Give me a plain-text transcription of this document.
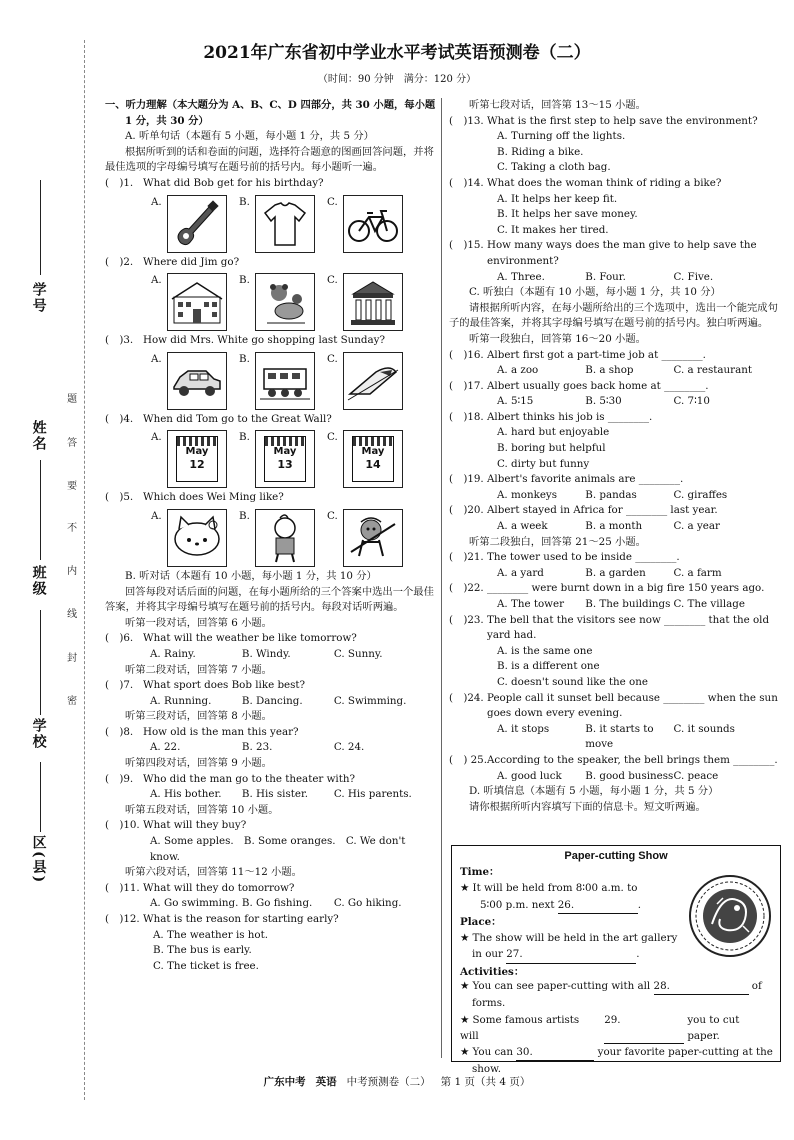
学号
姓名
班级
学校
区(县)
题
答
要
不
内
线
封
密
2021年广东省初中学业水平考试英语预测卷（二）
（时间：90 分钟　满分：120 分）

一、听力理解（本大题分为 A、B、C、D 四部分，共 30 小题，每小题 1 分，共 30 分）

A. 听单句话（本题有 5 小题，每小题 1 分，共 5 分）

根据所听到的话和卷面的问题，选择符合题意的图画回答问题，并将最佳选项的字母编号填写在题号前的括号内。每小题听一遍。

(　)1. What did Bob get for his birthday?
A.	B.	C.
(　)2. Where did Jim go?
A.	B.	C.
(　)3. How did Mrs. White go shopping last Sunday?
A.	B.	C.
(　)4. When did Tom go to the Great Wall?
A.
May
12
B.
May
13
C.
May
14
(　)5. Which does Wei Ming like?
A.	B.	C.

B. 听对话（本题有 10 小题，每小题 1 分，共 10 分）

回答每段对话后面的问题，在每小题所给的三个答案中选出一个最佳答案，并将其字母编号填写在题号前的括号内。每段对话听两遍。

听第一段对话，回答第 6 小题。

(　)6. What will the weather be like tomorrow?
A. Rainy.	B. Windy.	C. Sunny.

听第二段对话，回答第 7 小题。

(　)7. What sport does Bob like best?
A. Running.	B. Dancing.	C. Swimming.

听第三段对话，回答第 8 小题。

(　)8. How old is the man this year?
A. 22.	B. 23.	C. 24.

听第四段对话，回答第 9 小题。

(　)9. Who did the man go to the theater with?
A. His bother.	B. His sister.	C. His parents.

听第五段对话，回答第 10 小题。

(　)10. What will they buy?
A. Some apples.　B. Some oranges.　C. We don't know.

听第六段对话，回答第 11～12 小题。

(　)11. What will they do tomorrow?
A. Go swimming. B. Go fishing.	C. Go hiking.
(　)12. What is the reason for starting early?
A. The weather is hot.
B. The bus is early.
C. The ticket is free.

听第七段对话，回答第 13～15 小题。

(　)13. What is the first step to help save the environment?
A. Turning off the lights.
B. Riding a bike.
C. Taking a cloth bag.
(　)14. What does the woman think of riding a bike?
A. It helps her keep fit.
B. It helps her save money.
C. It makes her tired.
(　)15. How many ways does the man give to help save the environment?
A. Three.	B. Four.	C. Five.

C. 听独白（本题有 10 小题，每小题 1 分，共 10 分）

请根据所听内容，在每小题所给出的三个选项中，选出一个能完成句子的最佳答案，并将其字母编号填写在题号前的括号内。独白听两遍。

听第一段独白，回答第 16～20 小题。

(　)16. Albert first got a part-time job at ________.
A. a zoo	B. a shop	C. a restaurant
(　)17. Albert usually goes back home at ________.
A. 5∶15	B. 5∶30	C. 7∶10
(　)18. Albert thinks his job is ________.
A. hard but enjoyable
B. boring but helpful
C. dirty but funny
(　)19. Albert's favorite animals are ________.
A. monkeys	B. pandas	C. giraffes
(　)20. Albert stayed in Africa for ________ last year.
A. a week	B. a month	C. a year

听第二段独白，回答第 21～25 小题。

(　)21. The tower used to be inside ________.
A. a yard	B. a garden	C. a farm
(　)22. ________ were burnt down in a big fire 150 years ago.
A. The tower	B. The buildings C. The village
(　)23. The bell that the visitors see now ________ that the old yard had.
A. is the same one
B. is a different one
C. doesn't sound like the one
(　)24. People call it sunset bell because ________ when the sun goes down every evening.
A. it stops	B. it starts to move
C. it sounds
(　) 25. According to the speaker, the bell brings them ________.
A. good luck	B. good business C. peace

D. 听填信息（本题有 5 小题，每小题 1 分，共 5 分）

请你根据所听内容填写下面的信息卡。短文听两遍。

Paper-cutting Show
Time：
★ It will be held from 8∶00 a.m. to
5∶00 p.m. next 26.	.
Place：
★ The show will be held in the art gallery
in our 27.	.
Activities：
★ You can see paper-cutting with all
28.
	of
forms.
★ Some famous artists will

29.
	you to cut paper.
★ You can
30.
	your favorite paper-cutting at the
show.
广东中考 英语 中考预测卷（二） 第 1 页（共 4 页）
